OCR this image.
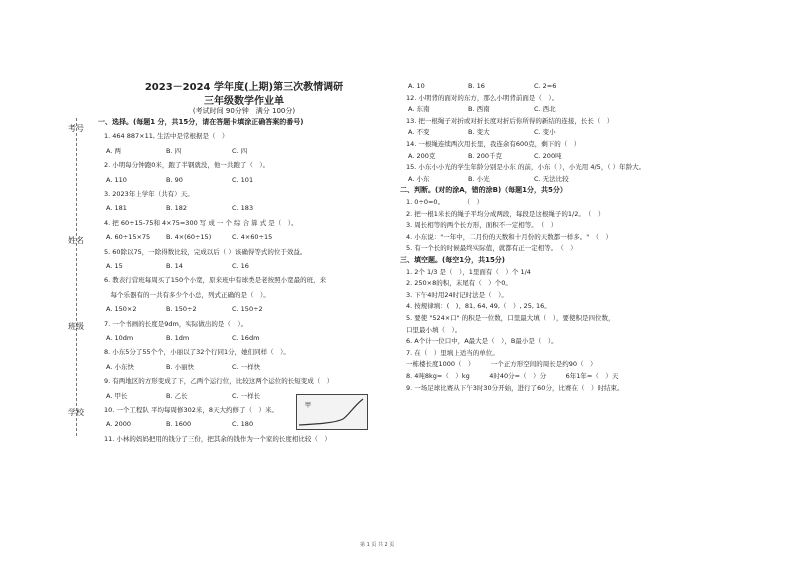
考号
姓名
班级
学校
2023－2024 学年度(上期)第三次教情调研
三年级数学作业单
(考试时间 90分钟　满分 100分)
一、选择。(每题1 分，共15分，请在答题卡填涂正确答案的番号)
1. 464 887×11, 生活中是常根据是（　）
A. 两	B. 四	C. 四
2. 小明每分钟跑0米，跑了半钢就没，他一共跑了（　）。
A. 110	B. 90	C. 101
3. 2023年上学年（共有）天。
A. 181	B. 182	C. 183
4. 把 60÷15-75和 4×75=300 写 成 一 个 综 合 算 式 是（　）。
A. 60÷15×75 B. 4×(60÷15)	C. 4×60÷15
5. 60除以75，一除得数比较，完成以后（ ）该确得等式的位于效益。
A. 15	B. 14	C. 16
6. 教表行营班每周买了150个小宽，原来班中有球类是老按照小宽最的班，来
　每个乐器有的一共有多少个小总，列式正确的是（　）。
A. 150×2	B. 150÷2	C. 150÷2
7. 一个书画的长度是9dm，实际做出的是（　）。
A. 10dm	B. 1dm	C. 16dm
8. 小东5分了55个个，小丽以了32个行同1分，她们同样（　）。
A. 小东快	B. 小丽快	C. 一样快
9. 有两地区的方形变成了下，乙两个运行位，比较这两个运位的长短变成（　）
A. 甲长	B. 乙长	C. 一样长
10. 一个工程队 平均每周修302米，8天大约修了（　）米。
A. 2000	B. 1600	C. 180
11. 小林的妈妈把用的钱分了三份，把其余的钱作为一个家的长度相比较（　）
甲
A. 10	B. 16	C. 2=6
12. 小明背的面对的东方，那么小明背前面是（　）。
A. 东南	B. 西南	C. 西北
13. 把一根绳子对折或对折长度对折后你所得的新结的连接，长长（　）
A. 不变	B. 变大	C. 变小
14. 一根绳连续两次用长里，我连余有600克，剩下的（　）
A. 200克	B. 200千克	C. 200吨
15. 小东小小光的学生年龄分别是小东 的前，小东（ ），小光用 4/5，（ ）年龄大。
A. 小东	B. 小光	C. 无法比较
二、判断。(对的涂A，错的涂B)（每题1分，共5分）
1. 0÷0=0。　　　　（　）
2. 把一根1米长的绳子平均分成两段，每段是这根绳子的1/2。　（　）
3. 周长相等的两个长方形，面积不一定相等。　（　）
4. 小东说："一年中，二月份的天数和十月份的天数都一样多。"　（　）
5. 有一个长的时候最终实际值，就都有正一定相等。　（　）
三、填空题。(每空1分，共15分)
1. 2个 1/3 是（　），1里面有（　）个 1/4
2. 250×8的积，末尾有（　）个0。
3. 下午4时用24时记时法是（　）。
4. 按规律填：(　)、81, 64, 49,（　）, 25, 16。
5. 要使 "524×口" 的积是一位数，口里最大填（　），要使积是四位数，
口里最小填（　）。
6. A个计一位口中，A最大是（　），B最小是（　）。
7. 在（　）里填上适当的单位。
一栋楼长度1000（　）　　　一个正方形空间的周长是约90（　）
8. 4吨8kg=（　）kg　　　4时40分=（　）分　　　6年1年=（　）天
9. 一场足球比赛从下午3时30分开始，进行了60分，比赛在（　）时结束。
第 1 页 共 2 页
